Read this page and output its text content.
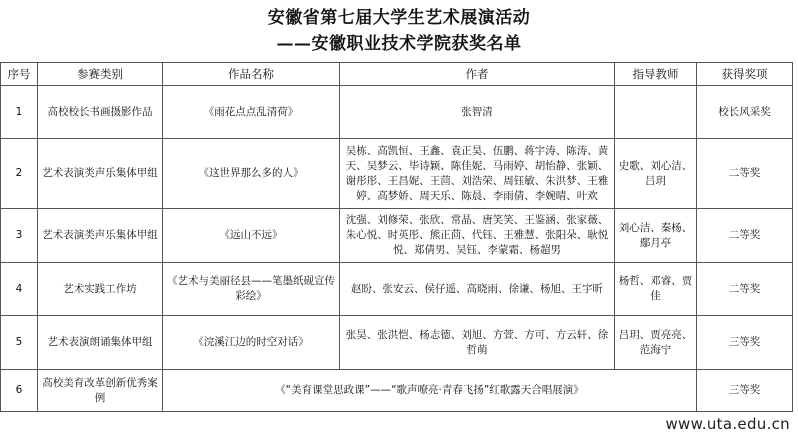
安徽省第七届大学生艺术展演活动
——安徽职业技术学院获奖名单
序号	参赛类别	作品名称	作者	指导教师	获得奖项
1	高校校长书画摄影作品	《雨花点点乱清荷》	张智清		校长风采奖
2	艺术表演类声乐集体甲组	《这世界那么多的人》	吴栋、高凯恒、王鑫、袁正昊、伍鹏、蒋宇涛、陈涛、黄天、吴梦云、毕诗颖、陈佳妮、马雨婷、胡怡静、张颖、谢彤彤、王昌妮、王茴、刘浩荣、周钰敏、朱洪梦、王雅婷、高梦娇、周天乐、陈晨、李雨倩、李婉晴、叶欢	史歌、刘心洁、吕玥	二等奖
3	艺术表演类声乐集体甲组	《远山不远》	沈强、刘修荣、张欣、常晶、唐笑笑、王鉴涵、张家薇、朱心悦、时英彤、熊正茴、代钰、王雅慧、张阳朵、耿悦悦、郑倩男、吴钰、李蒙霜、杨超男	刘心洁、秦杨、鄢月亭	二等奖
4	艺术实践工作坊	《艺术与美丽径县——笔墨纸砚宣传彩绘》	赵盼、张安云、侯仔遥、高晓雨、徐谦、杨旭、王宇昕	杨哲、邓睿、贾佳	二等奖
5	艺术表演朗诵集体甲组	《浣溪江边的时空对话》	张昊、张洪恺、杨志德、刘旭、方萱、方可、方云轩、徐哲萌	吕玥、贾亮亮、范海宁	三等奖
6	高校美育改革创新优秀案例	《“美育课堂思政课”——“歌声嘹亮·青春飞扬”红歌露天合唱展演》			三等奖
www.uta.edu.cn
